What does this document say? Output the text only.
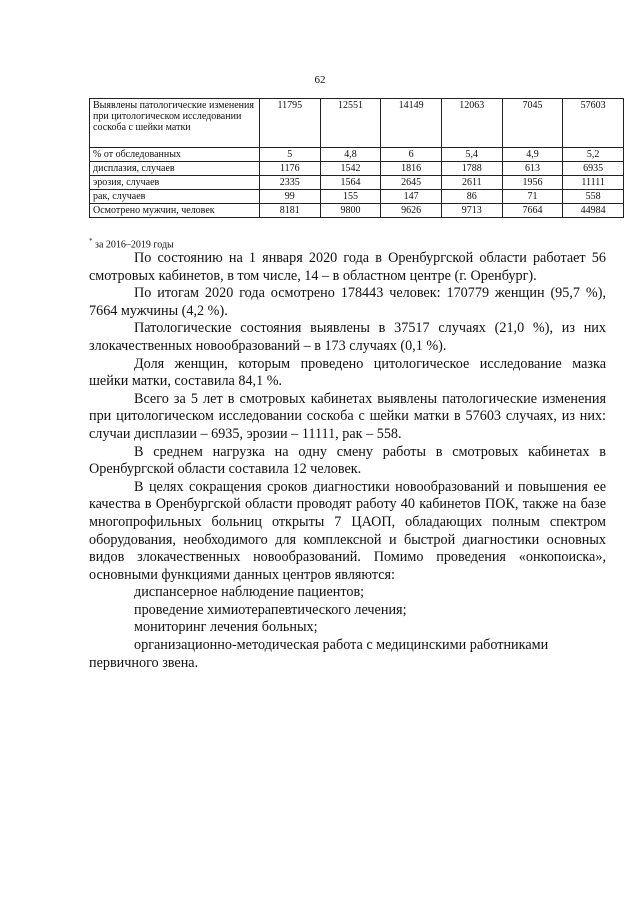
62
Выявлены патологические изменения при цитологическом исследовании соскоба с шейки матки	11795	12551	14149	12063	7045	57603
% от обследованных	5	4,8	6	5,4	4,9	5,2
дисплазия, случаев	1176	1542	1816	1788	613	6935
эрозия, случаев	2335	1564	2645	2611	1956	11111
рак, случаев	99	155	147	86	71	558
Осмотрено мужчин, человек	8181	9800	9626	9713	7664	44984
* за 2016–2019 годы

По состоянию на 1 января 2020 года в Оренбургской области работает 56 смотровых кабинетов, в том числе, 14 – в областном центре (г. Оренбург).

По итогам 2020 года осмотрено 178443 человек: 170779 женщин (95,7 %), 7664 мужчины (4,2 %).

Патологические состояния выявлены в 37517 случаях (21,0 %), из них злокачественных новообразований – в 173 случаях (0,1 %).

Доля женщин, которым проведено цитологическое исследование мазка шейки матки, составила 84,1 %.

Всего за 5 лет в смотровых кабинетах выявлены патологические изменения при цитологическом исследовании соскоба с шейки матки в 57603 случаях, из них: случаи дисплазии – 6935, эрозии – 11111, рак – 558.

В среднем нагрузка на одну смену работы в смотровых кабинетах в Оренбургской области составила 12 человек.

В целях сокращения сроков диагностики новообразований и повышения ее качества в Оренбургской области проводят работу 40 кабинетов ПОК, также на базе многопрофильных больниц открыты 7 ЦАОП, обладающих полным спектром оборудования, необходимого для комплексной и быстрой диагностики основных видов злокачественных новообразований. Помимо проведения «онкопоиска», основными функциями данных центров являются:

диспансерное наблюдение пациентов;

проведение химиотерапевтического лечения;

мониторинг лечения больных;

организационно-методическая работа с медицинскими работниками
первичного звена.
